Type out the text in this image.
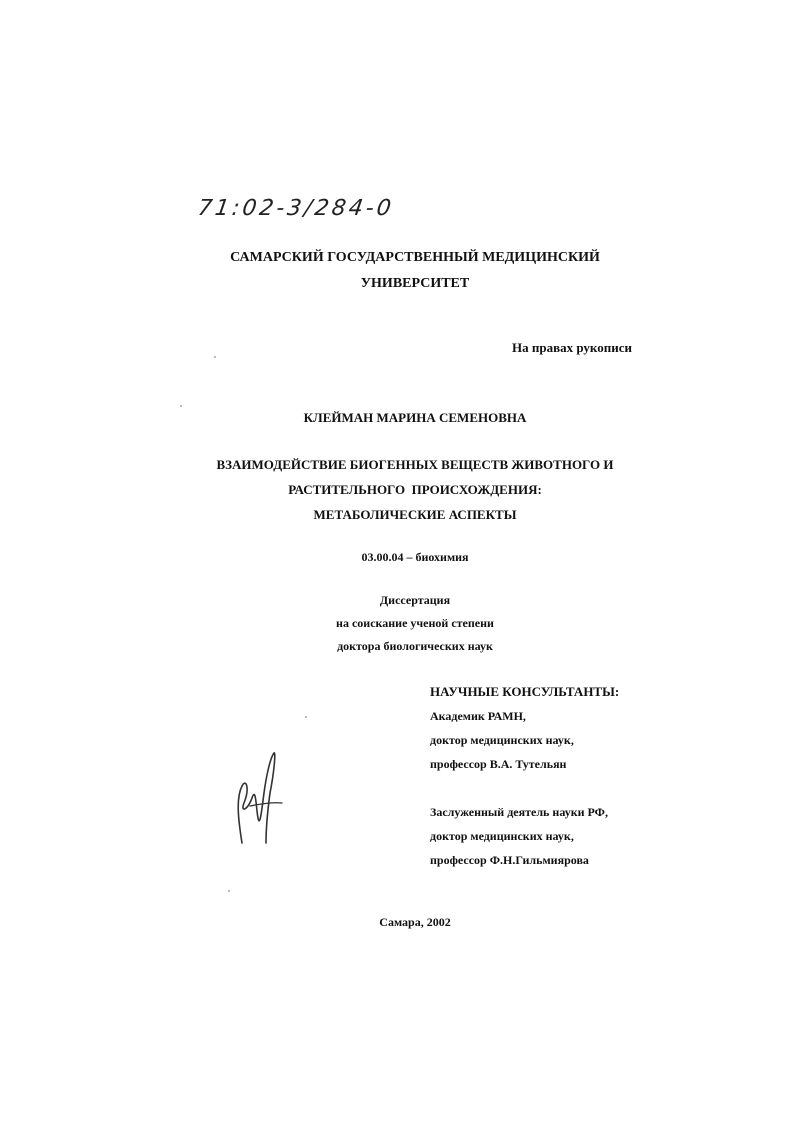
71:02-3/284-0
САМАРСКИЙ ГОСУДАРСТВЕННЫЙ МЕДИЦИНСКИЙ
УНИВЕРСИТЕТ
На правах рукописи
КЛЕЙМАН МАРИНА СЕМЕНОВНА
ВЗАИМОДЕЙСТВИЕ БИОГЕННЫХ ВЕЩЕСТВ ЖИВОТНОГО И
РАСТИТЕЛЬНОГО  ПРОИСХОЖДЕНИЯ:
МЕТАБОЛИЧЕСКИЕ АСПЕКТЫ
03.00.04 – биохимия
Диссертация
на соискание ученой степени
доктора биологических наук
НАУЧНЫЕ КОНСУЛЬТАНТЫ:
Академик РАМН,
доктор медицинских наук,
профессор В.А. Тутельян
Заслуженный деятель науки РФ,
доктор медицинских наук,
профессор Ф.Н.Гильмиярова
Самара, 2002
